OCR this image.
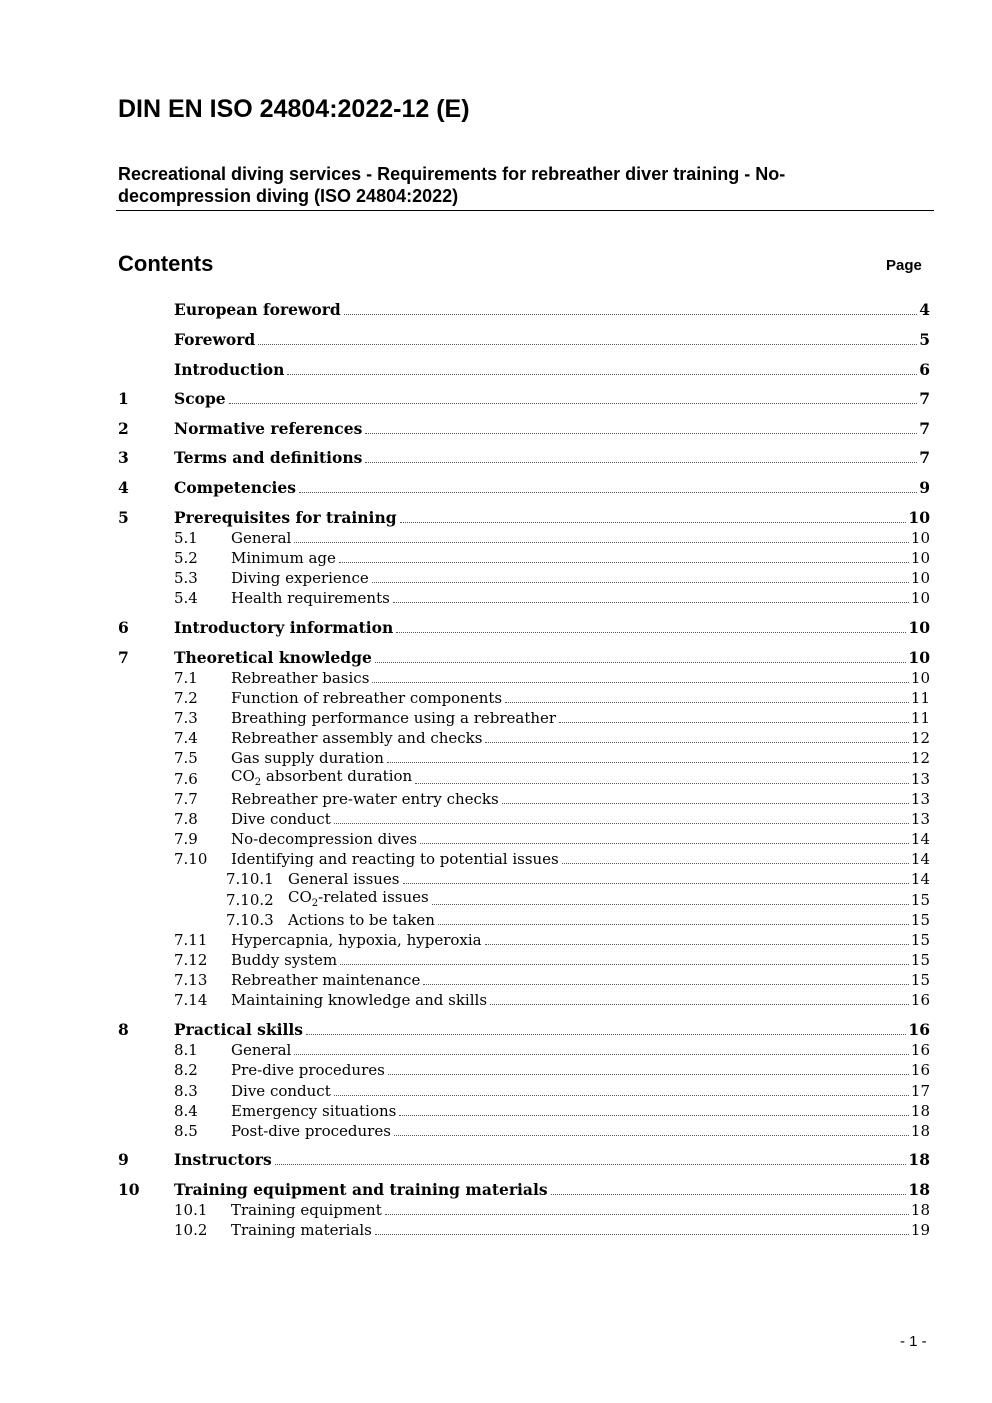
DIN EN ISO 24804:2022-12 (E)
Recreational diving services - Requirements for rebreather diver training - No-decompression diving (ISO 24804:2022)
Contents	Page
European foreword	4
Foreword	5
Introduction	6
1	Scope	7
2	Normative references	7
3	Terms and definitions	7
4	Competencies	9
5	Prerequisites for training	10
5.1	General	10
5.2	Minimum age	10
5.3	Diving experience	10
5.4	Health requirements	10
6	Introductory information	10
7	Theoretical knowledge	10
7.1	Rebreather basics	10
7.2	Function of rebreather components	11
7.3	Breathing performance using a rebreather	11
7.4	Rebreather assembly and checks	12
7.5	Gas supply duration	12
7.6	$CO_2$ absorbent duration	13
7.7	Rebreather pre-water entry checks	13
7.8	Dive conduct	13
7.9	No-decompression dives	14
7.10	Identifying and reacting to potential issues	14
7.10.1 General issues	14
7.10.2 $CO_2$-related issues	15
7.10.3 Actions to be taken	15
7.11	Hypercapnia, hypoxia, hyperoxia	15
7.12	Buddy system	15
7.13	Rebreather maintenance	15
7.14	Maintaining knowledge and skills	16
8	Practical skills	16
8.1	General	16
8.2	Pre-dive procedures	16
8.3	Dive conduct	17
8.4	Emergency situations	18
8.5	Post-dive procedures	18
9	Instructors	18
10	Training equipment and training materials	18
10.1	Training equipment	18
10.2	Training materials	19
- 1 -
